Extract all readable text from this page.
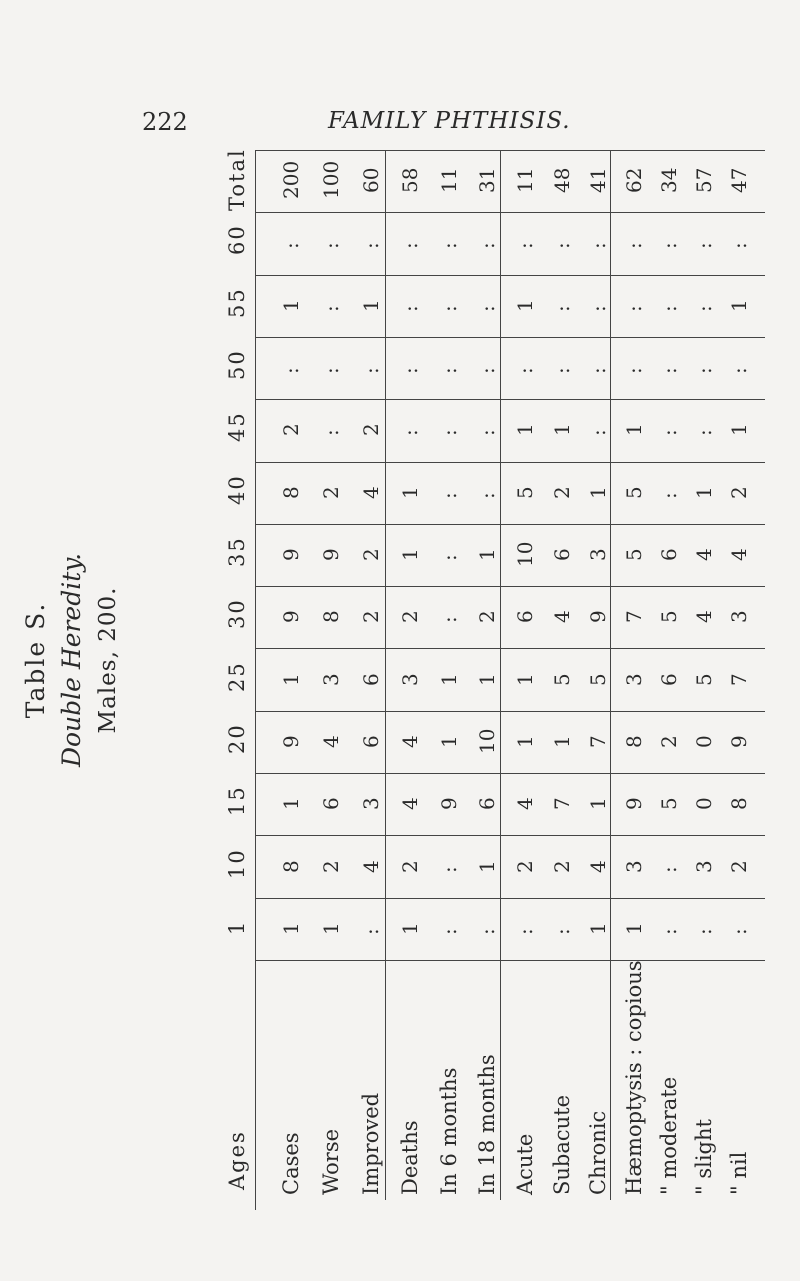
222	FAMILY PHTHISIS.
Table S. Double Heredity. Males, 200.
1
10
15
20
25
30
35
40
45
50
55
60
Total
Ages
1
8
1
9
1
9
9
8
2
:
1
:
200
Cases
1
2
6
4
3
8
9
2
:
:
:
:
100
Worse
:
4
3
6
6
2
2
4
2
:
1
:
60
Improved
1
2
4
4
3
2
1
1
:
:
:
:
58
Deaths
:
:
9
1
1
:
:
:
:
:
:
:
11
In 6 months
:
1
6
10
1
2
1
:
:
:
:
:
31
In 18 months
:
2
4
1
1
6
10
5
1
:
1
:
11
Acute
:
2
7
1
5
4
6
2
1
:
:
:
48
Subacute
1
4
1
7
5
9
3
1
:
:
:
:
41
Chronic
1
3
9
8
3
7
5
5
1
:
:
:
62
Hæmoptysis : copious
:
:
5
2
6
5
6
:
:
:
:
:
34
" moderate
:
3
0
0
5
4
4
1
:
:
:
:
57
" slight
:
2
8
9
7
3
4
2
1
:
1
:
47
" nil
